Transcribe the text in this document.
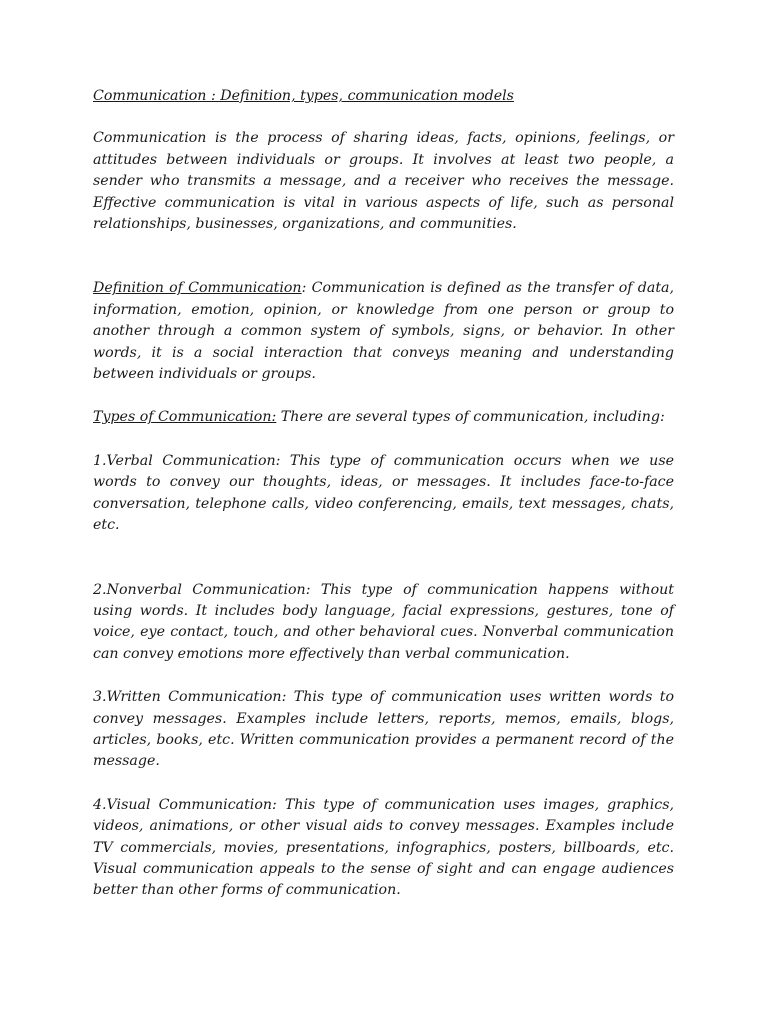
Communication : Definition, types, communication models

Communication is the process of sharing ideas, facts, opinions, feelings, or attitudes between individuals or groups. It involves at least two people, a sender who transmits a message, and a receiver who receives the message. Effective communication is vital in various aspects of life, such as personal relationships, businesses, organizations, and communities.

Definition of Communication: Communication is defined as the transfer of data, information, emotion, opinion, or knowledge from one person or group to another through a common system of symbols, signs, or behavior. In other words, it is a social interaction that conveys meaning and understanding between individuals or groups.

Types of Communication: There are several types of communication, including:

1.Verbal Communication: This type of communication occurs when we use words to convey our thoughts, ideas, or messages. It includes face-to-face conversation, telephone calls, video conferencing, emails, text messages, chats, etc.

2.Nonverbal Communication: This type of communication happens without using words. It includes body language, facial expressions, gestures, tone of voice, eye contact, touch, and other behavioral cues. Nonverbal communication can convey emotions more effectively than verbal communication.

3.Written Communication: This type of communication uses written words to convey messages. Examples include letters, reports, memos, emails, blogs, articles, books, etc. Written communication provides a permanent record of the message.

4.Visual Communication: This type of communication uses images, graphics, videos, animations, or other visual aids to convey messages. Examples include TV commercials, movies, presentations, infographics, posters, billboards, etc. Visual communication appeals to the sense of sight and can engage audiences better than other forms of communication.
